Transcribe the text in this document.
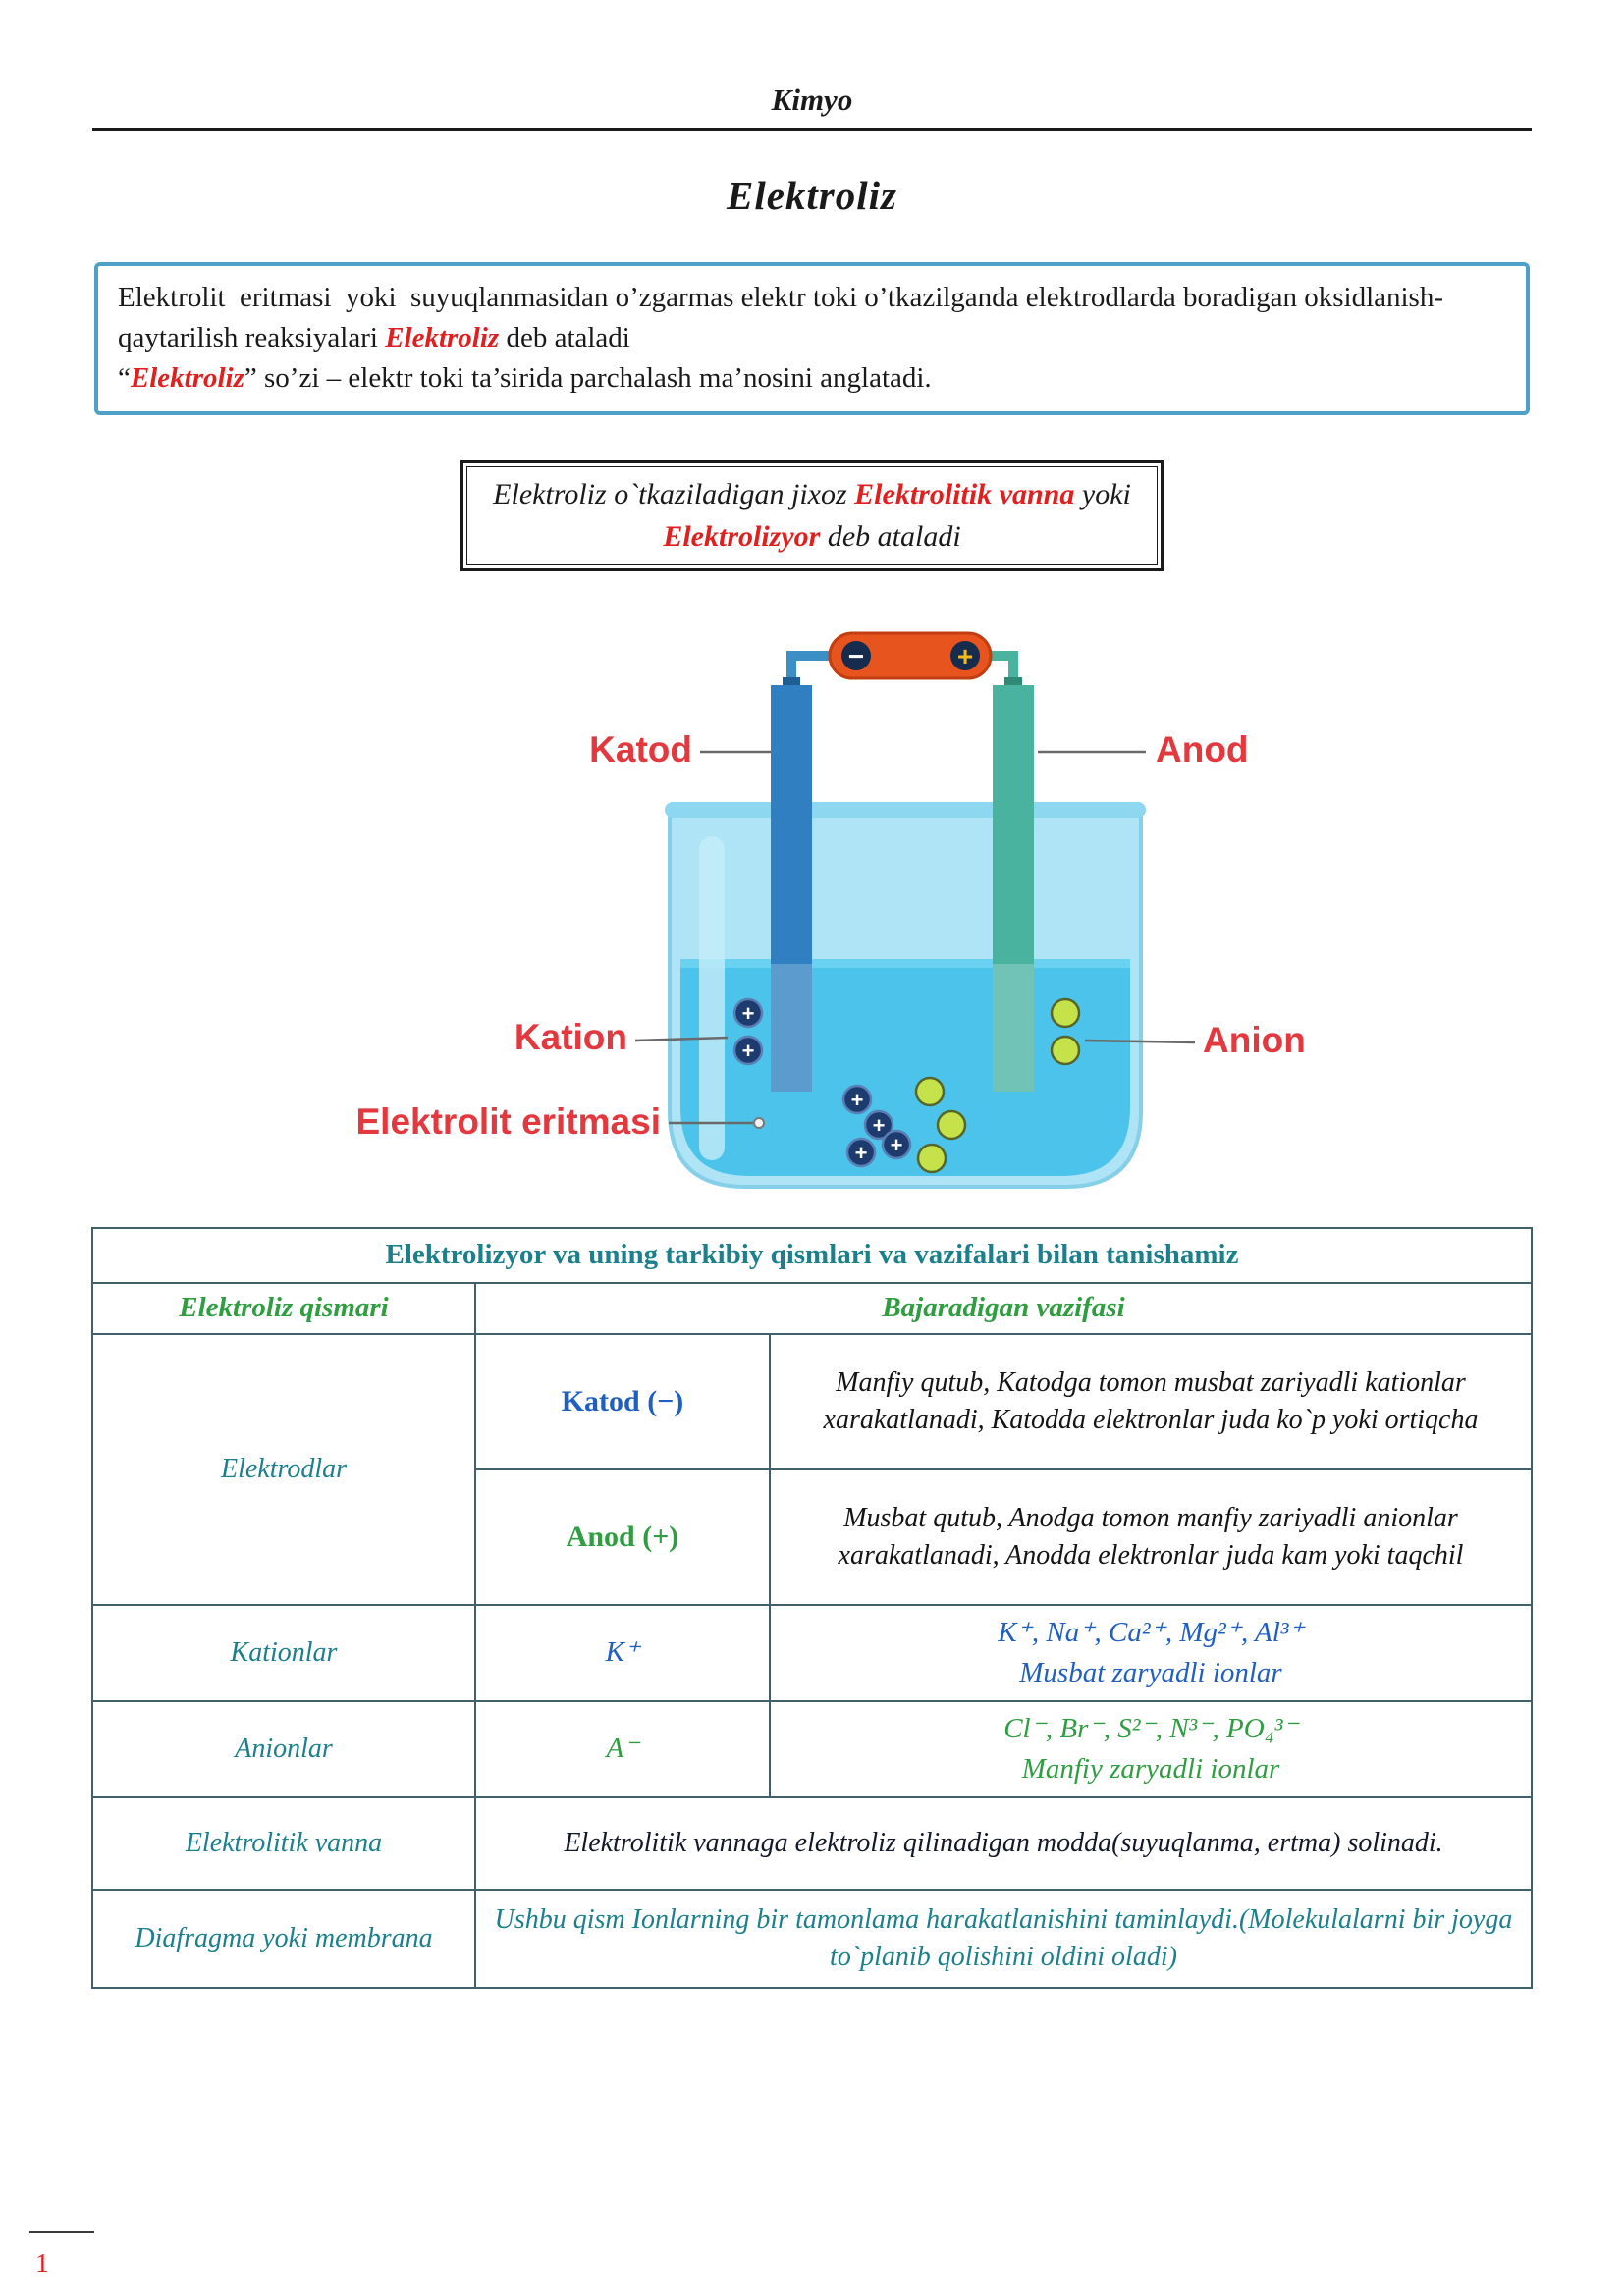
Kimyo
Elektroliz
Elektrolit  eritmasi  yoki  suyuqlanmasidan o’zgarmas elektr toki o’tkazilganda elektrodlarda boradigan oksidlanish-qaytarilish reaksiyalari Elektroliz deb ataladi
“Elektroliz” so’zi – elektr toki ta’sirida parchalash ma’nosini anglatadi.
Elektroliz o`tkaziladigan jixoz Elektrolitik vanna yoki
Elektrolizyor deb ataladi
−	+
+
+
+
+
+ +
Katod	Anod
Kation	Anion
Elektrolit eritmasi
Elektrolizyor va uning tarkibiy qismlari va vazifalari bilan tanishamiz		
Elektroliz qismari	Bajaradigan vazifasi	
Elektrodlar	Katod (−)	Manfiy qutub, Katodga tomon musbat zariyadli kationlar xarakatlanadi, Katodda elektronlar juda ko`p yoki ortiqcha
	Anod (+)	Musbat qutub, Anodga tomon manfiy zariyadli anionlar xarakatlanadi, Anodda elektronlar juda kam yoki taqchil
Kationlar	K⁺	K⁺, Na⁺, Ca²⁺, Mg²⁺, Al³⁺
Musbat zaryadli ionlar

Anionlar	A⁻	Cl⁻, Br⁻, S²⁻, N³⁻, PO₄³⁻
Manfiy zaryadli ionlar

Elektrolitik vanna	Elektrolitik vannaga elektroliz qilinadigan modda(suyuqlanma, ertma) solinadi.	
Diafragma yoki membrana	Ushbu qism Ionlarning bir tamonlama harakatlanishini taminlaydi.(Molekulalarni bir joyga to`planib qolishini oldini oladi)	
1
